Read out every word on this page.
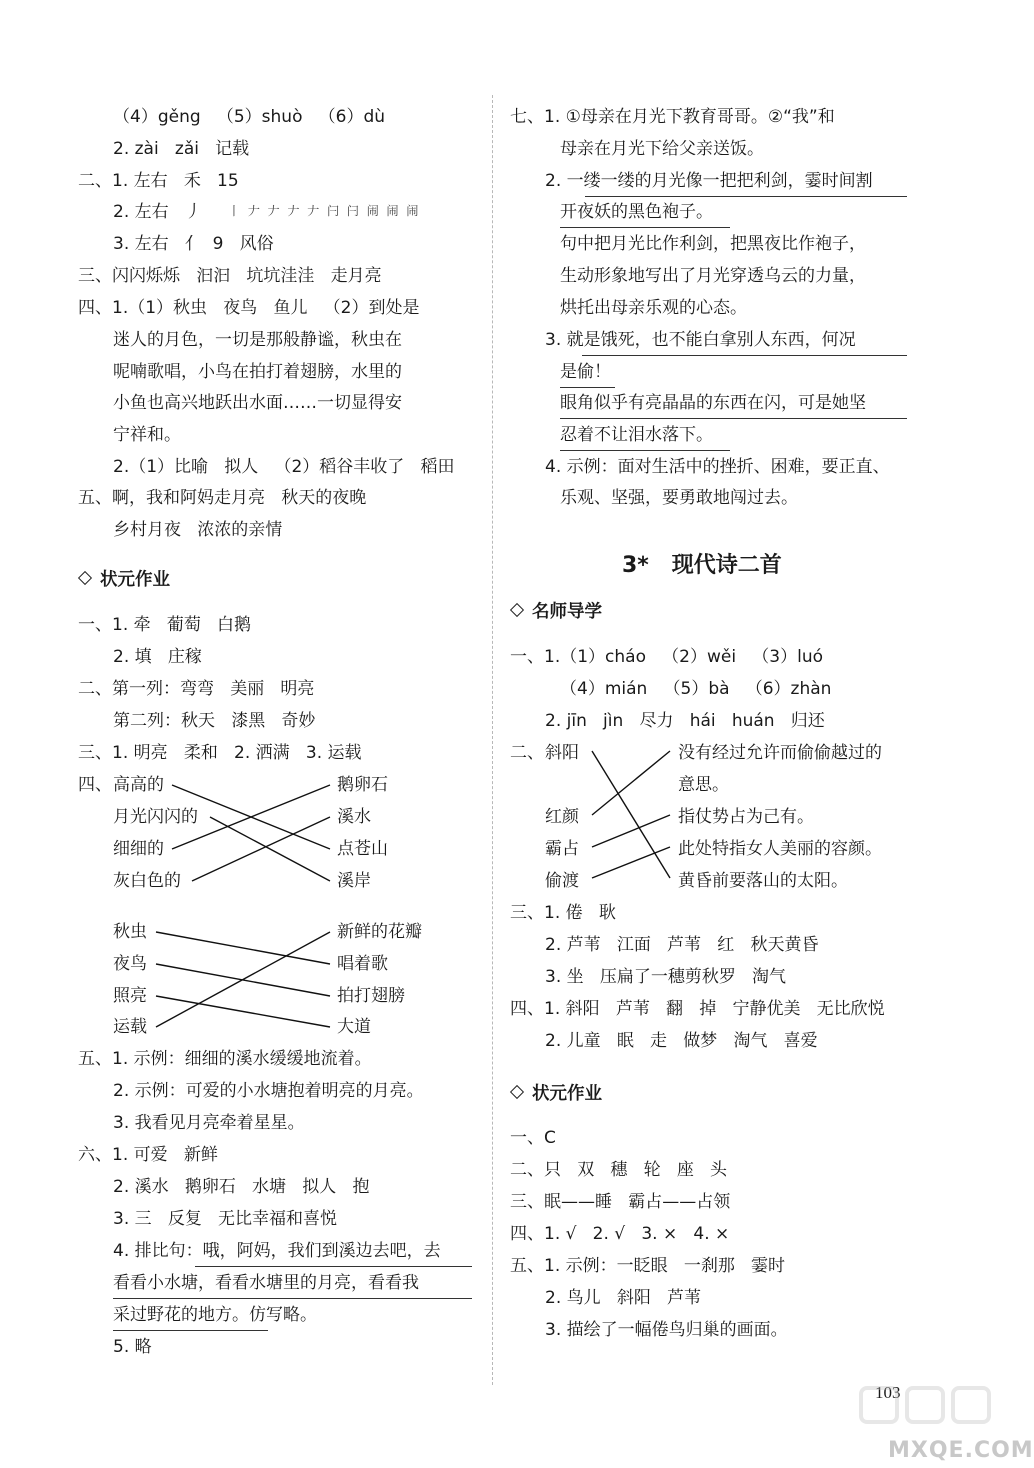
（4）gěng   （5）shuò   （6）dù
2. zài   zǎi   记载
二、1. 左右   禾   15
2. 左右   丿 丨 𠂇 𠂇 𠂇 𠂇 闩 闩 闹 闹 闹
3. 左右   亻  9   风俗
三、闪闪烁烁   汩汩   坑坑洼洼   走月亮
四、1.（1）秋虫   夜鸟   鱼儿   （2）到处是
迷人的月色，一切是那般静谧，秋虫在
呢喃歌唱，小鸟在拍打着翅膀，水里的
小鱼也高兴地跃出水面……一切显得安
宁祥和。
2.（1）比喻   拟人   （2）稻谷丰收了   稻田
五、啊，我和阿妈走月亮   秋天的夜晚
乡村月夜   浓浓的亲情
状元作业
一、1. 牵   葡萄   白鹅
2. 填   庄稼
二、第一列：弯弯   美丽   明亮
第二列：秋天   漆黑   奇妙
三、1. 明亮   柔和   2. 洒满   3. 运载
四、 高高的
月光闪闪的
细细的
灰白色的
鹅卵石
溪水
点苍山
溪岸
秋虫
夜鸟
照亮
运载
新鲜的花瓣
唱着歌
拍打翅膀
大道
五、1. 示例：细细的溪水缓缓地流着。
2. 示例：可爱的小水塘抱着明亮的月亮。
3. 我看见月亮牵着星星。
六、1. 可爱   新鲜
2. 溪水   鹅卵石   水塘   拟人   抱
3. 三   反复   无比幸福和喜悦
4. 排比句：哦，阿妈，我们到溪边去吧，去
看看小水塘，看看水塘里的月亮，看看我
采过野花的地方。仿写略。
5. 略
七、1. ①母亲在月光下教育哥哥。②“我”和
母亲在月光下给父亲送饭。
2. 一缕一缕的月光像一把把利剑，霎时间割
开夜妖的黑色袍子。
句中把月光比作利剑，把黑夜比作袍子，
生动形象地写出了月光穿透乌云的力量，
烘托出母亲乐观的心态。
3. 就是饿死，也不能白拿别人东西，何况
是偷！
眼角似乎有亮晶晶的东西在闪，可是她坚
忍着不让泪水落下。
4. 示例：面对生活中的挫折、困难，要正直、
乐观、坚强，要勇敢地闯过去。
3*   现代诗二首
名师导学
一、1.（1）cháo   （2）wěi   （3）luó
（4）mián   （5）bà   （6）zhàn
2. jīn   jìn   尽力   hái   huán   归还
二、 斜阳
红颜
霸占
偷渡
没有经过允许而偷偷越过的
意思。
指仗势占为己有。
此处特指女人美丽的容颜。
黄昏前要落山的太阳。
三、1. 倦   耿
2. 芦苇   江面   芦苇   红   秋天黄昏
3. 坐   压扁了一穗剪秋罗   淘气
四、1. 斜阳   芦苇   翻   掉   宁静优美   无比欣悦
2. 儿童   眠   走   做梦   淘气   喜爱
状元作业
一、C
二、只   双   穗   轮   座   头
三、眠——睡   霸占——占领
四、1. √   2. √   3. ×   4. ×
五、1. 示例：一眨眼   一刹那   霎时
2. 鸟儿   斜阳   芦苇
3. 描绘了一幅倦鸟归巢的画面。
103
MXQE.COM
